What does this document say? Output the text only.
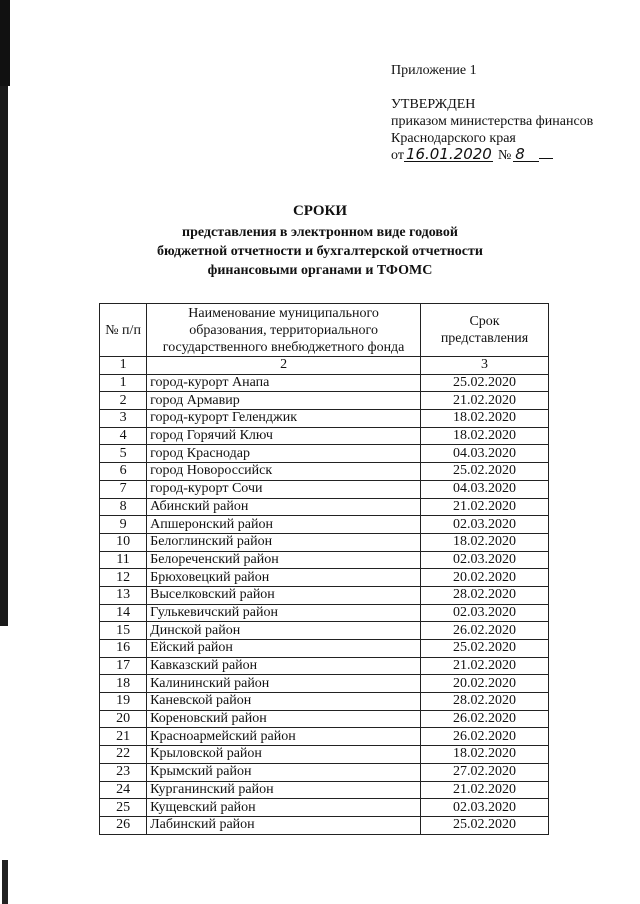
Приложение 1
УТВЕРЖДЕН
приказом министерства финансов
Краснодарского края
от 16.01.2020 № 8
СРОКИ
представления в электронном виде годовой
бюджетной отчетности и бухгалтерской отчетности
финансовыми органами и ТФОМС
№ п/п	Наименование муниципального образования, территориального государственного внебюджетного фонда	Срок представления
1	2	3
1	город-курорт Анапа	25.02.2020
2	город Армавир	21.02.2020
3	город-курорт Геленджик	18.02.2020
4	город Горячий Ключ	18.02.2020
5	город Краснодар	04.03.2020
6	город Новороссийск	25.02.2020
7	город-курорт Сочи	04.03.2020
8	Абинский район	21.02.2020
9	Апшеронский район	02.03.2020
10	Белоглинский район	18.02.2020
11	Белореченский район	02.03.2020
12	Брюховецкий район	20.02.2020
13	Выселковский район	28.02.2020
14	Гулькевичский район	02.03.2020
15	Динской район	26.02.2020
16	Ейский район	25.02.2020
17	Кавказский район	21.02.2020
18	Калининский район	20.02.2020
19	Каневской район	28.02.2020
20	Кореновский район	26.02.2020
21	Красноармейский район	26.02.2020
22	Крыловской район	18.02.2020
23	Крымский район	27.02.2020
24	Курганинский район	21.02.2020
25	Кущевский район	02.03.2020
26	Лабинский район	25.02.2020
